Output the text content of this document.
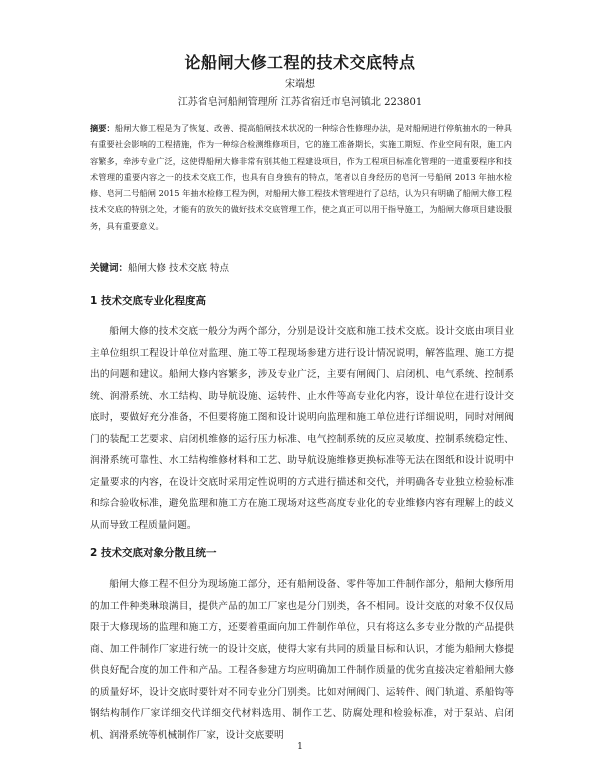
论船闸大修工程的技术交底特点
宋端想
江苏省皂河船闸管理所 江苏省宿迁市皂河镇北 223801
摘要：船闸大修工程是为了恢复、改善、提高船闸技术状况的一种综合性修理办法，是对船闸进行停航抽水的一种具有重要社会影响的工程措施，作为一种综合检测维修项目，它的施工准备期长，实施工期短、作业空间有限，施工内容繁多，牵涉专业广泛，这使得船闸大修非常有别其他工程建设项目，作为工程项目标准化管理的一道重要程序和技术管理的重要内容之一的技术交底工作，也具有自身独有的特点，笔者以自身经历的皂河一号船闸 2013 年抽水检修、皂河二号船闸 2015 年抽水检修工程为例，对船闸大修工程技术管理进行了总结，认为只有明确了船闸大修工程技术交底的特别之处，才能有的放矢的做好技术交底管理工作，使之真正可以用于指导施工，为船闸大修项目建设服务，具有重要意义。
关键词：船闸大修 技术交底 特点
1 技术交底专业化程度高
船闸大修的技术交底一般分为两个部分，分别是设计交底和施工技术交底。设计交底由项目业主单位组织工程设计单位对监理、施工等工程现场参建方进行设计情况说明，解答监理、施工方提出的问题和建议。船闸大修内容繁多，涉及专业广泛，主要有闸阀门、启闭机、电气系统、控制系统、润滑系统、水工结构、助导航设施、运转件、止水件等高专业化内容，设计单位在进行设计交底时，要做好充分准备，不但要将施工图和设计说明向监理和施工单位进行详细说明，同时对闸阀门的装配工艺要求、启闭机维修的运行压力标准、电气控制系统的反应灵敏度、控制系统稳定性、润滑系统可靠性、水工结构维修材料和工艺、助导航设施维修更换标准等无法在图纸和设计说明中定量要求的内容，在设计交底时采用定性说明的方式进行描述和交代，并明确各专业独立检验标准和综合验收标准，避免监理和施工方在施工现场对这些高度专业化的专业维修内容有理解上的歧义从而导致工程质量问题。
2 技术交底对象分散且统一
船闸大修工程不但分为现场施工部分，还有船闸设备、零件等加工件制作部分，船闸大修所用的加工件种类琳琅满目，提供产品的加工厂家也是分门别类，各不相同。设计交底的对象不仅仅局限于大修现场的监理和施工方，还要着重面向加工件制作单位，只有将这么多专业分散的产品提供商、加工件制作厂家进行统一的设计交底，使得大家有共同的质量目标和认识，才能为船闸大修提供良好配合度的加工件和产品。工程各参建方均应明确加工件制作质量的优劣直接决定着船闸大修的质量好坏，设计交底时要针对不同专业分门别类。比如对闸阀门、运转件、阀门轨道、系船钩等钢结构制作厂家详细交代详细交代材料选用、制作工艺、防腐处理和检验标准，对于泵站、启闭机、润滑系统等机械制作厂家，设计交底要明
1
